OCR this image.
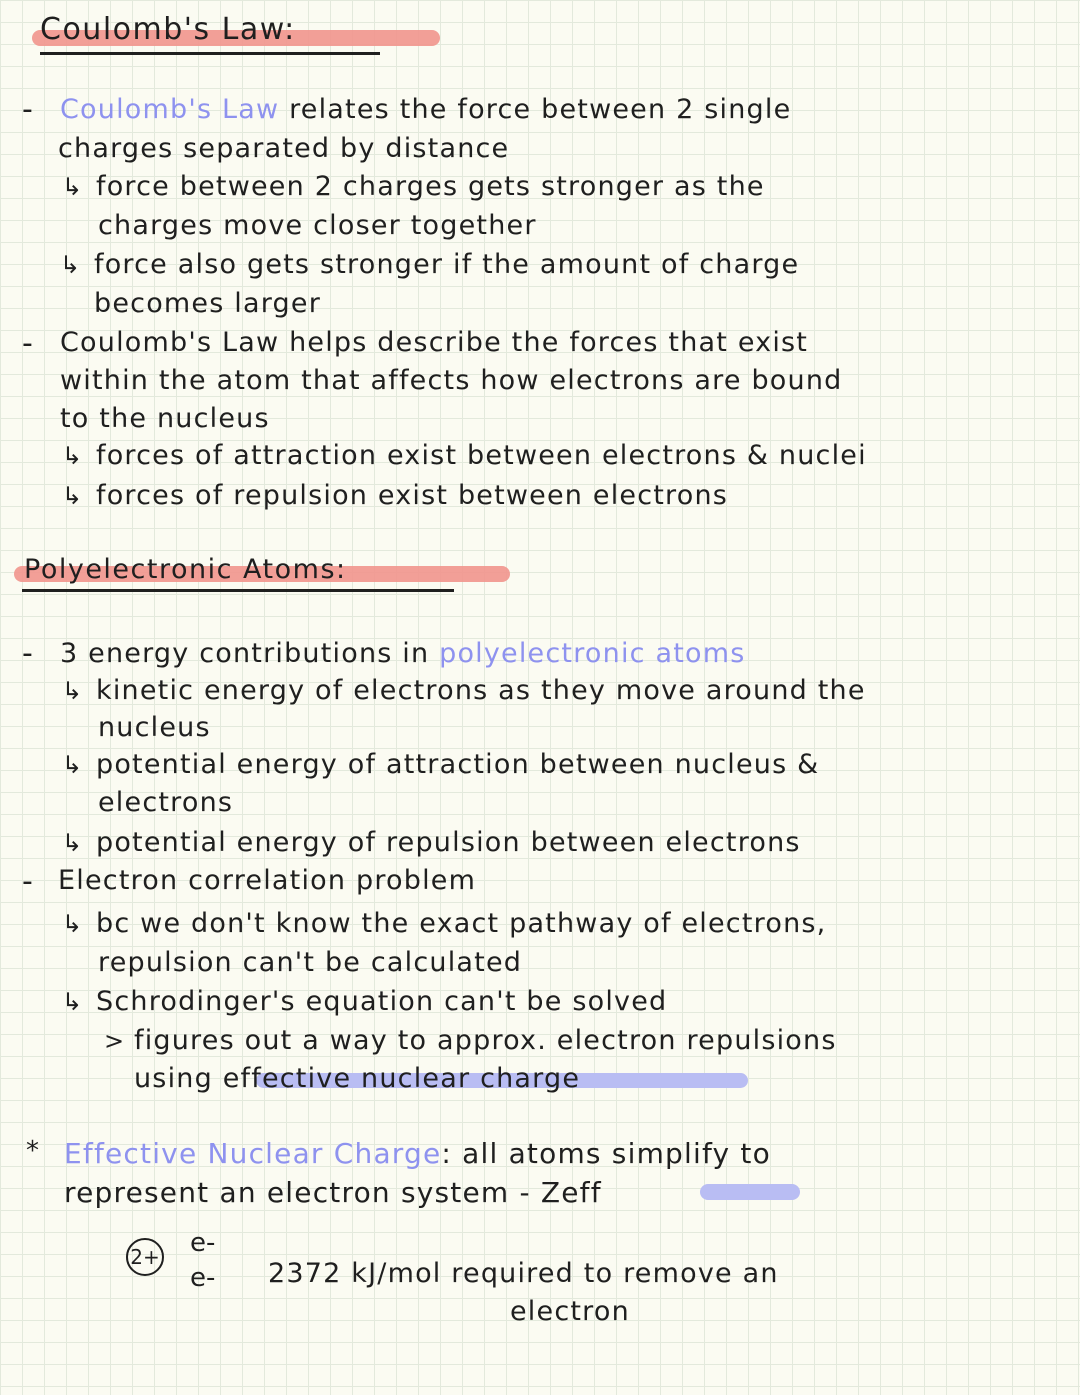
Coulomb's Law:
- Coulomb's Law relates the force between 2 single
charges separated by distance
↳ force between 2 charges gets stronger as the
charges move closer together
↳ force also gets stronger if the amount of charge
becomes larger
- Coulomb's Law helps describe the forces that exist
within the atom that affects how electrons are bound
to the nucleus
↳ forces of attraction exist between electrons & nuclei
↳ forces of repulsion exist between electrons
Polyelectronic Atoms:
- 3 energy contributions in polyelectronic atoms
↳ kinetic energy of electrons as they move around the
nucleus
↳ potential energy of attraction between nucleus &
electrons
↳ potential energy of repulsion between electrons
- Electron correlation problem
↳ bc we don't know the exact pathway of electrons,
repulsion can't be calculated
↳ Schrodinger's equation can't be solved
> figures out a way to approx. electron repulsions
using effective nuclear charge
* Effective Nuclear Charge: all atoms simplify to
represent an electron system - Zeff
2+ e-
e- 2372 kJ/mol required to remove an
electron
